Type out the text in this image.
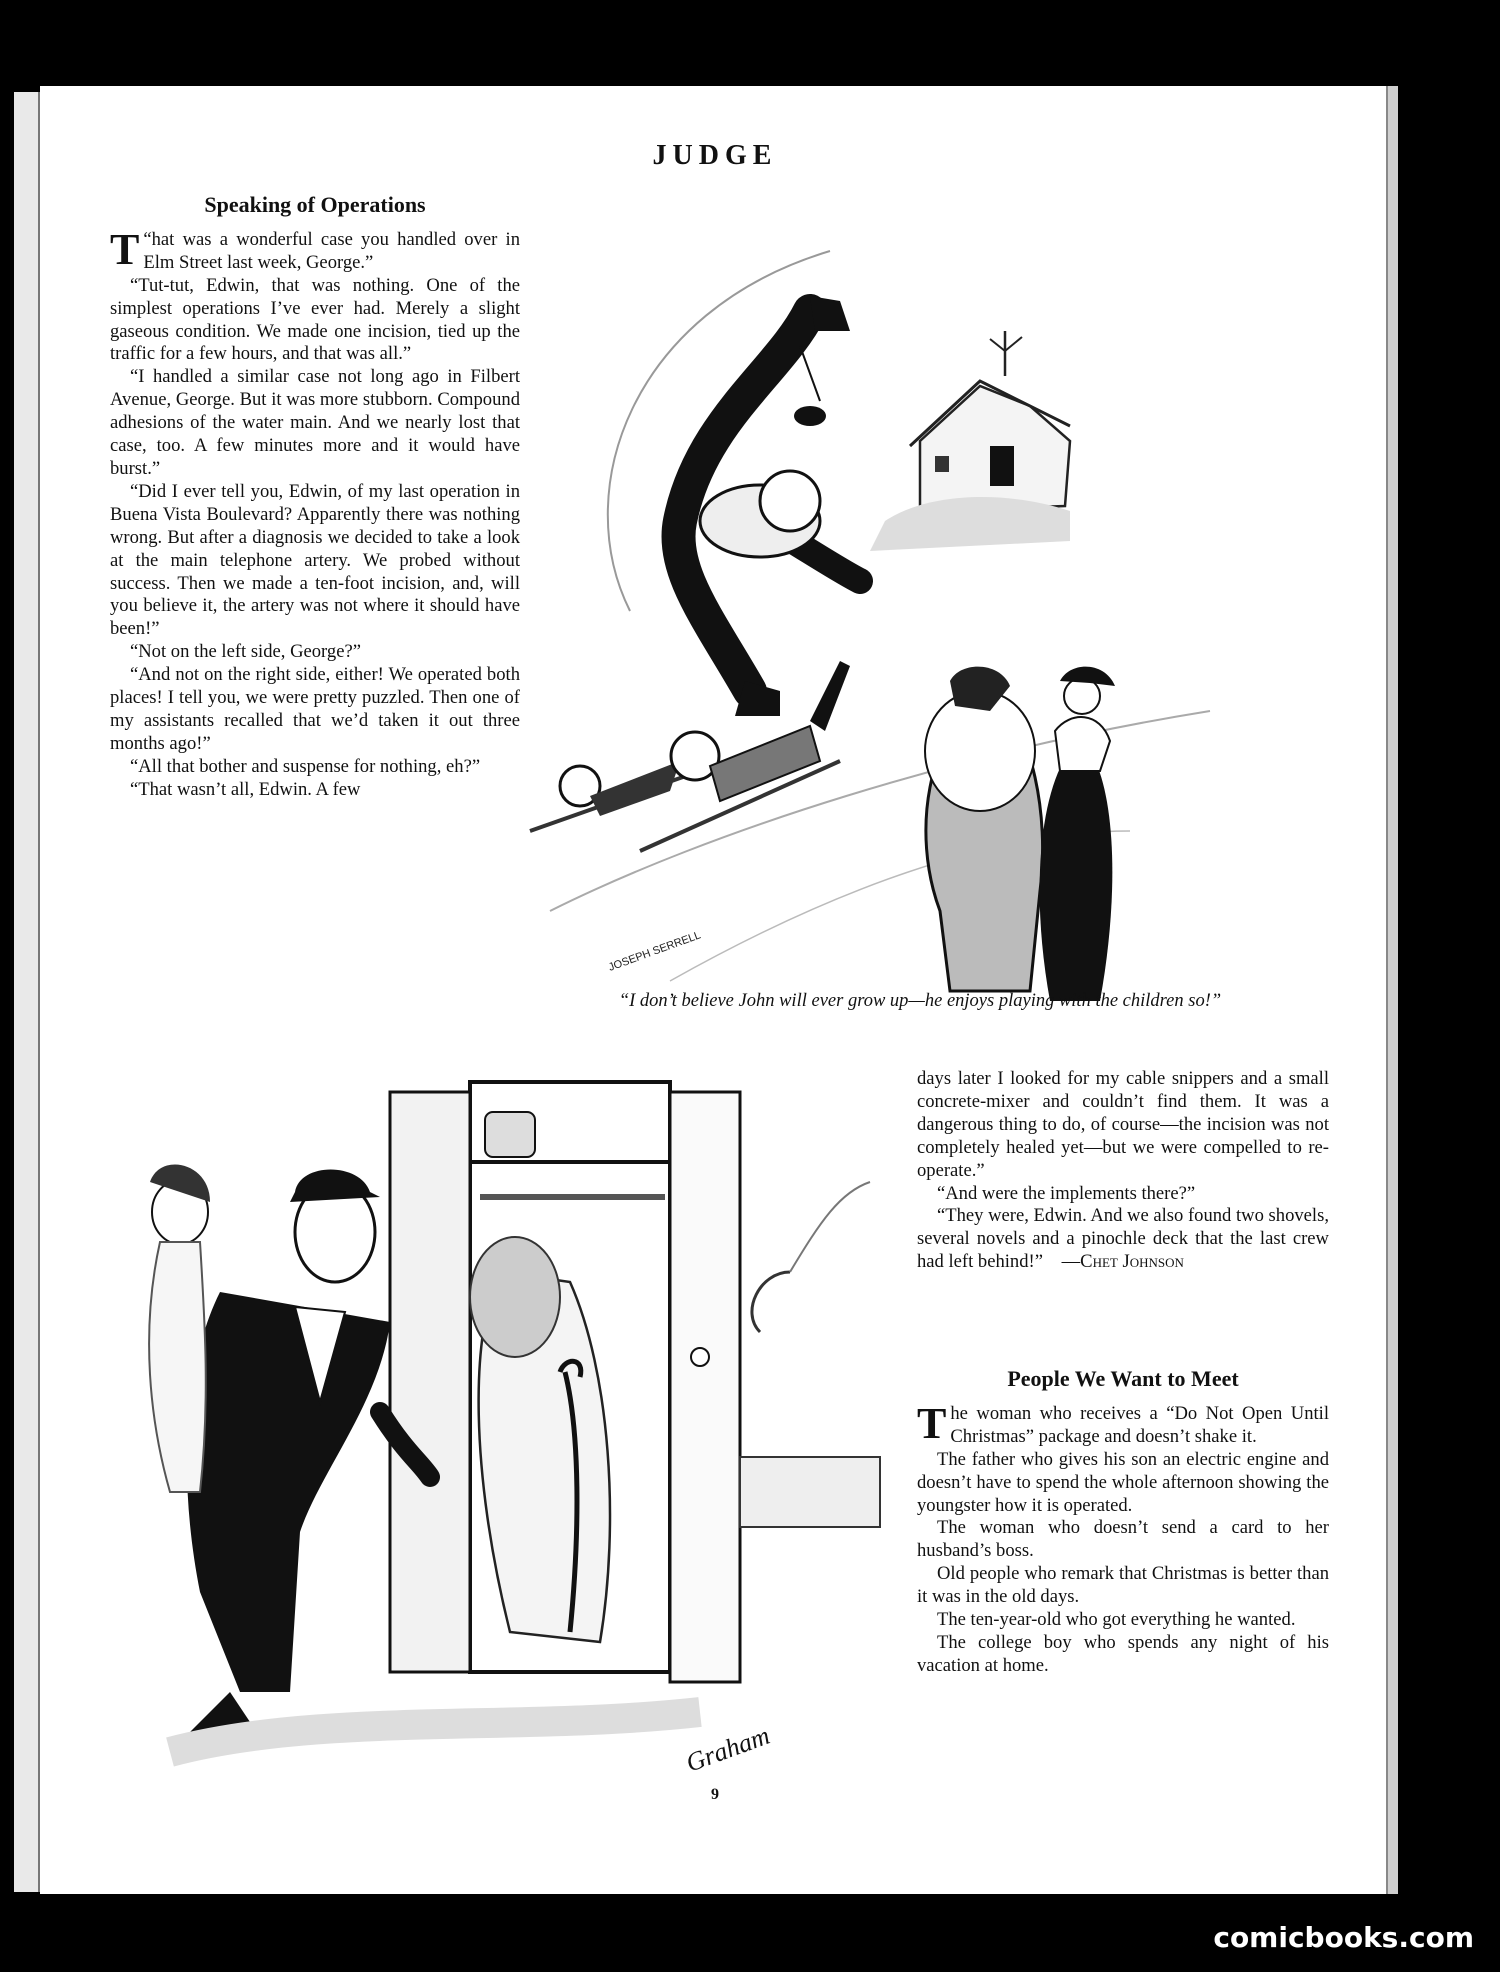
JUDGE
Speaking of Operations

“
T hat was a wonderful case you handled over in Elm Street last week, George.”

“Tut-tut, Edwin, that was nothing. One of the simplest operations I’ve ever had. Merely a slight gaseous condition. We made one incision, tied up the traffic for a few hours, and that was all.”

“I handled a similar case not long ago in Filbert Avenue, George. But it was more stubborn. Compound adhesions of the water main. And we nearly lost that case, too. A few minutes more and it would have burst.”

“Did I ever tell you, Edwin, of my last operation in Buena Vista Boulevard? Apparently there was nothing wrong. But after a diagnosis we decided to take a look at the main telephone artery. We probed without success. Then we made a ten-foot incision, and, will you believe it, the artery was not where it should have been!”

“Not on the left side, George?”

“And not on the right side, either! We operated both places! I tell you, we were pretty puzzled. Then one of my assistants recalled that we’d taken it out three months ago!”

“All that bother and suspense for nothing, eh?”

“That wasn’t all, Edwin. A few

JOSEPH SERRELL
“I don’t believe John will ever grow up—he enjoys playing with the children so!”
Graham

days later I looked for my cable snippers and a small concrete-mixer and couldn’t find them. It was a dangerous thing to do, of course—the incision was not completely healed yet—but we were compelled to re-operate.”

“And were the implements there?”

“They were, Edwin. And we also found two shovels, several novels and a pinochle deck that the last crew had left behind!” —Chet Johnson

People We Want to Meet

The woman who receives a “Do Not Open Until Christmas” package and doesn’t shake it.

The father who gives his son an electric engine and doesn’t have to spend the whole afternoon showing the youngster how it is operated.

The woman who doesn’t send a card to her husband’s boss.

Old people who remark that Christmas is better than it was in the old days.

The ten-year-old who got everything he wanted.

The college boy who spends any night of his vacation at home.

9
comicbooks.com
